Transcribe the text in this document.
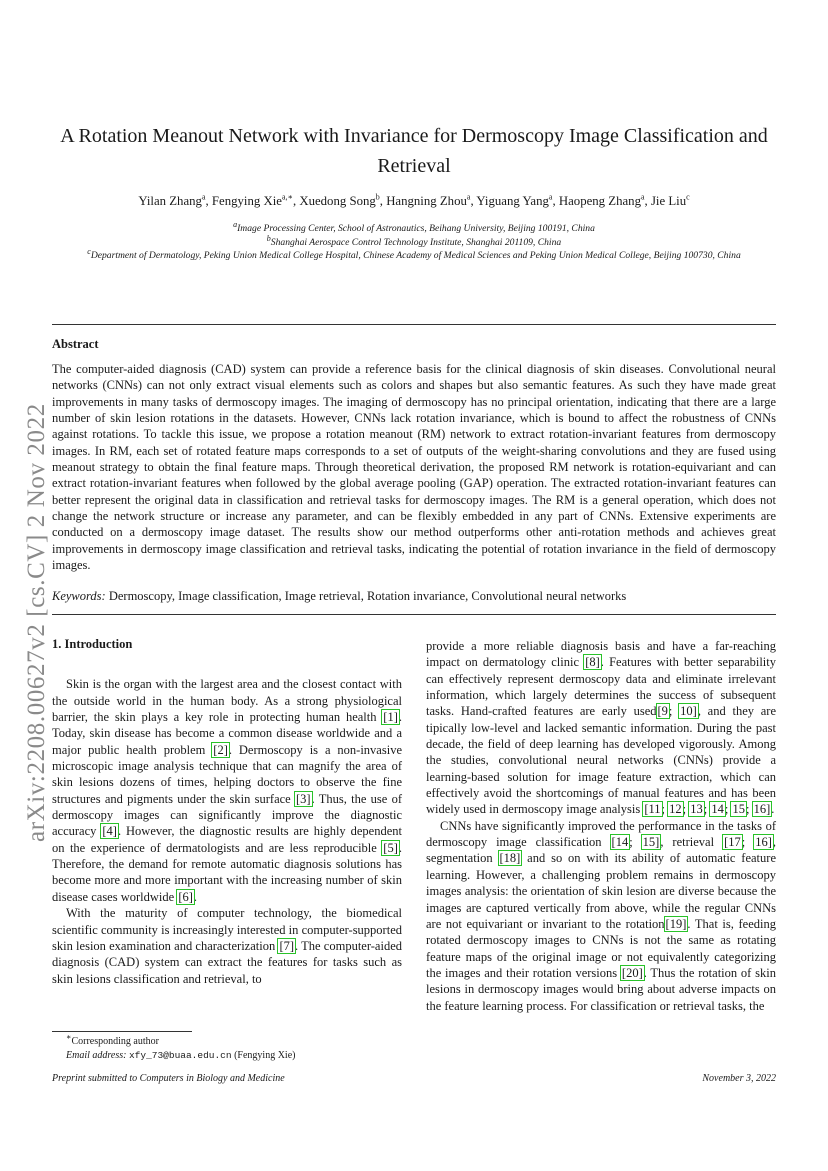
arXiv:2208.00627v2 [cs.CV] 2 Nov 2022
A Rotation Meanout Network with Invariance for Dermoscopy Image Classification and Retrieval
Yilan Zhang$^a$, Fengying Xie$^{a,∗}$, Xuedong Song$^b$, Hangning Zhou$^a$, Yiguang Yang$^a$, Haopeng Zhang$^a$, Jie Liu$^c$
$^a$Image Processing Center, School of Astronautics, Beihang University, Beijing 100191, China
$^b$Shanghai Aerospace Control Technology Institute, Shanghai 201109, China
$^c$Department of Dermatology, Peking Union Medical College Hospital, Chinese Academy of Medical Sciences and Peking Union Medical College, Beijing 100730, China
Abstract
The computer-aided diagnosis (CAD) system can provide a reference basis for the clinical diagnosis of skin diseases. Convolutional neural networks (CNNs) can not only extract visual elements such as colors and shapes but also semantic features. As such they have made great improvements in many tasks of dermoscopy images. The imaging of dermoscopy has no principal orientation, indicating that there are a large number of skin lesion rotations in the datasets. However, CNNs lack rotation invariance, which is bound to affect the robustness of CNNs against rotations. To tackle this issue, we propose a rotation meanout (RM) network to extract rotation-invariant features from dermoscopy images. In RM, each set of rotated feature maps corresponds to a set of outputs of the weight-sharing convolutions and they are fused using meanout strategy to obtain the final feature maps. Through theoretical derivation, the proposed RM network is rotation-equivariant and can extract rotation-invariant features when followed by the global average pooling (GAP) operation. The extracted rotation-invariant features can better represent the original data in classification and retrieval tasks for dermoscopy images. The RM is a general operation, which does not change the network structure or increase any parameter, and can be flexibly embedded in any part of CNNs. Extensive experiments are conducted on a dermoscopy image dataset. The results show our method outperforms other anti-rotation methods and achieves great improvements in dermoscopy image classification and retrieval tasks, indicating the potential of rotation invariance in the field of dermoscopy images.
Keywords: Dermoscopy, Image classification, Image retrieval, Rotation invariance, Convolutional neural networks
1. Introduction

Skin is the organ with the largest area and the closest contact with the outside world in the human body. As a strong physiological barrier, the skin plays a key role in protecting human health [1]. Today, skin disease has become a common disease worldwide and a major public health problem [2]. Dermoscopy is a non-invasive microscopic image analysis technique that can magnify the area of skin lesions dozens of times, helping doctors to observe the fine structures and pigments under the skin surface [3]. Thus, the use of dermoscopy images can significantly improve the diagnostic accuracy [4]. However, the diagnostic results are highly dependent on the experience of dermatologists and are less reproducible [5]. Therefore, the demand for remote automatic diagnosis solutions has become more and more important with the increasing number of skin disease cases worldwide [6].

With the maturity of computer technology, the biomedical scientific community is increasingly interested in computer-supported skin lesion examination and characterization [7]. The computer-aided diagnosis (CAD) system can extract the features for tasks such as skin lesions classification and retrieval, to

provide a more reliable diagnosis basis and have a far-reaching impact on dermatology clinic [8]. Features with better separability can effectively represent dermoscopy data and eliminate irrelevant information, which largely determines the success of subsequent tasks. Hand-crafted features are early used[9; 10], and they are tipically low-level and lacked semantic information. During the past decade, the field of deep learning has developed vigorously. Among the studies, convolutional neural networks (CNNs) provide a learning-based solution for image feature extraction, which can effectively avoid the shortcomings of manual features and has been widely used in dermoscopy image analysis [11; 12; 13; 14; 15; 16].

CNNs have significantly improved the performance in the tasks of dermoscopy image classification [14; 15], retrieval [17; 16], segmentation [18] and so on with its ability of automatic feature learning. However, a challenging problem remains in dermoscopy images analysis: the orientation of skin lesion are diverse because the images are captured vertically from above, while the regular CNNs are not equivariant or invariant to the rotation[19]. That is, feeding rotated dermoscopy images to CNNs is not the same as rotating feature maps of the original image or not equivalently categorizing the images and their rotation versions [20]. Thus the rotation of skin lesions in dermoscopy images would bring about adverse impacts on the feature learning process. For classification or retrieval tasks, the

∗Corresponding author
Email address: xfy_73@buaa.edu.cn (Fengying Xie)
Preprint submitted to Computers in Biology and Medicine	November 3, 2022
